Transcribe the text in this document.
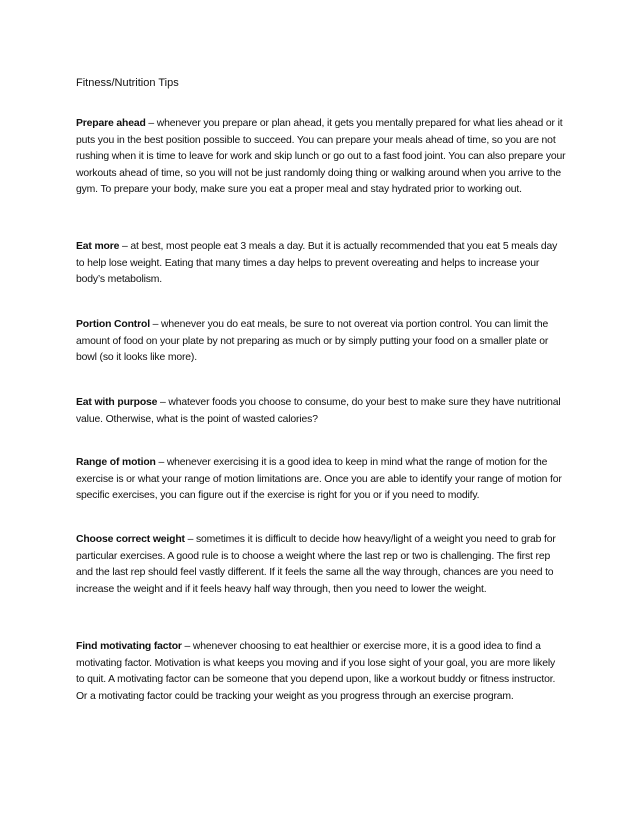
Fitness/Nutrition Tips

Prepare ahead – whenever you prepare or plan ahead, it gets you mentally prepared for what lies ahead or it puts you in the best position possible to succeed. You can prepare your meals ahead of time, so you are not rushing when it is time to leave for work and skip lunch or go out to a fast food joint. You can also prepare your workouts ahead of time, so you will not be just randomly doing thing or walking around when you arrive to the gym. To prepare your body, make sure you eat a proper meal and stay hydrated prior to working out.

Eat more – at best, most people eat 3 meals a day. But it is actually recommended that you eat 5 meals day to help lose weight. Eating that many times a day helps to prevent overeating and helps to increase your body’s metabolism.

Portion Control – whenever you do eat meals, be sure to not overeat via portion control. You can limit the amount of food on your plate by not preparing as much or by simply putting your food on a smaller plate or bowl (so it looks like more).

Eat with purpose – whatever foods you choose to consume, do your best to make sure they have nutritional value. Otherwise, what is the point of wasted calories?

Range of motion – whenever exercising it is a good idea to keep in mind what the range of motion for the exercise is or what your range of motion limitations are. Once you are able to identify your range of motion for specific exercises, you can figure out if the exercise is right for you or if you need to modify.

Choose correct weight – sometimes it is difficult to decide how heavy/light of a weight you need to grab for particular exercises. A good rule is to choose a weight where the last rep or two is challenging. The first rep and the last rep should feel vastly different. If it feels the same all the way through, chances are you need to increase the weight and if it feels heavy half way through, then you need to lower the weight.

Find motivating factor – whenever choosing to eat healthier or exercise more, it is a good idea to find a motivating factor. Motivation is what keeps you moving and if you lose sight of your goal, you are more likely to quit. A motivating factor can be someone that you depend upon, like a workout buddy or fitness instructor. Or a motivating factor could be tracking your weight as you progress through an exercise program.
